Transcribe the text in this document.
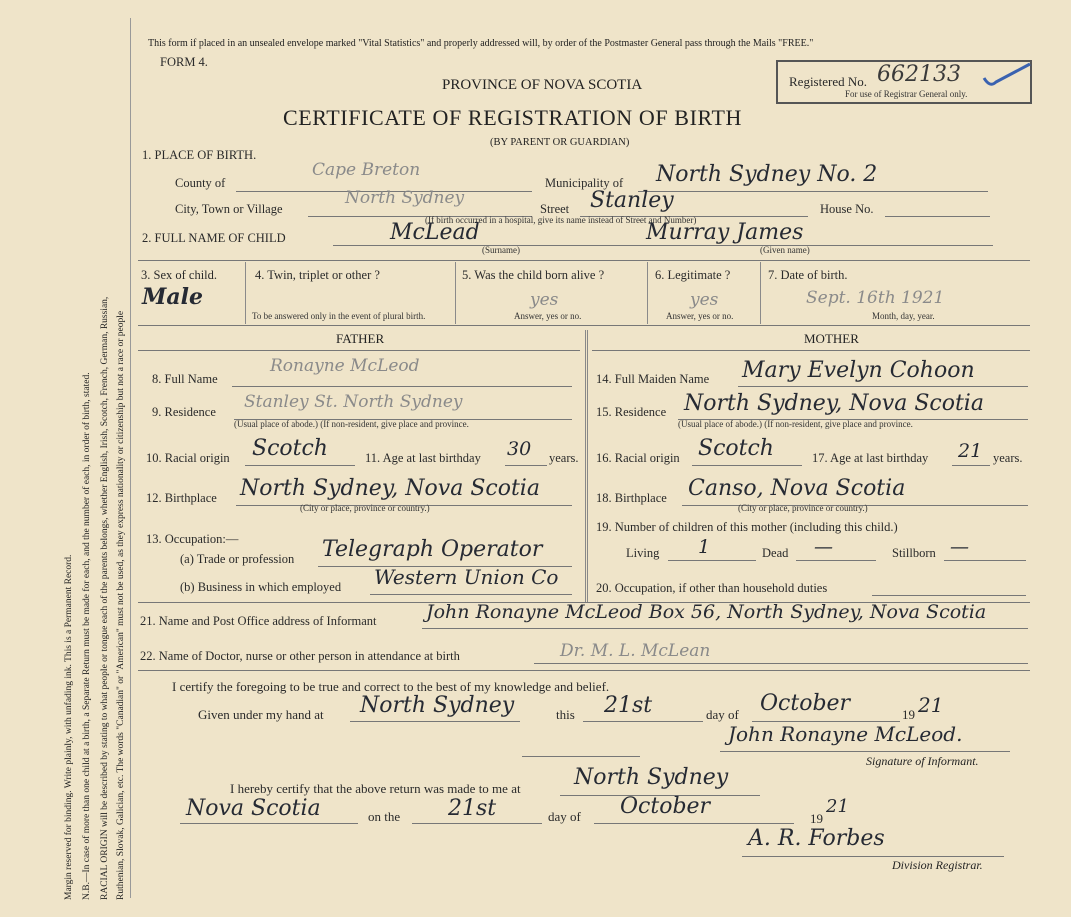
Margin reserved for binding. Write plainly, with unfading ink. This is a Permanent Record. N.B.—In case of more than one child at a birth, a Separate Return must be made for each, and the number of each, in order of birth, stated. RACIAL ORIGIN will be described by stating to what people or tongue each of the parents belongs, whether English, Irish, Scotch, French, German, Russian, Ruthenian, Slovak, Galician, etc. The words "Canadian" or "American" must not be used, as they express nationality or citizenship but not a race or people
This form if placed in an unsealed envelope marked "Vital Statistics" and properly addressed will, by order of the Postmaster General pass through the Mails "FREE."
FORM 4.
PROVINCE OF NOVA SCOTIA
CERTIFICATE OF REGISTRATION OF BIRTH
(BY PARENT OR GUARDIAN)
Registered No. 662133
For use of Registrar General only.
1. PLACE OF BIRTH.
County of
Cape Breton
Municipality of North Sydney No. 2
City, Town or Village
North Sydney
Street Stanley	House No.
(If birth occurred in a hospital, give its name instead of Street and Number)
2. FULL NAME OF CHILD	McLead
(Surname)
Murray James
(Given name)
3. Sex of child.
Male
4. Twin, triplet or other ?
To be answered only in the event of plural birth.
5. Was the child born alive ?
yes
Answer, yes or no.
6. Legitimate ?
yes
Answer, yes or no.
7. Date of birth.
Sept. 16th 1921
Month, day, year.
FATHER	MOTHER
8. Full Name
Ronayne McLeod
9. Residence Stanley St. North Sydney
(Usual place of abode.) (If non-resident, give place and province.
10. Racial origin Scotch	11. Age at last birthday 30 years.
12. Birthplace North Sydney, Nova Scotia
(City or place, province or country.)
13. Occupation:—
(a) Trade or profession Telegraph Operator
(b) Business in which employed Western Union Co
14. Full Maiden Name Mary Evelyn Cohoon
15. Residence North Sydney, Nova Scotia
(Usual place of abode.) (If non-resident, give place and province.
16. Racial origin Scotch	17. Age at last birthday 21 years.
18. Birthplace Canso, Nova Scotia
(City or place, province or country.)
19. Number of children of this mother (including this child.)
Living 1	Dead —	Stillborn —
20. Occupation, if other than household duties
21. Name and Post Office address of Informant	John Ronayne McLeod Box 56, North Sydney, Nova Scotia
22. Name of Doctor, nurse or other person in attendance at birth	Dr. M. L. McLean
I certify the foregoing to be true and correct to the best of my knowledge and belief.
Given under my hand at North Sydney	this 21st	day of October	19 21
John Ronayne McLeod.
Signature of Informant.
I hereby certify that the above return was made to me at North Sydney
Nova Scotia	on the 21st	day of October	19
21
A. R. Forbes
Division Registrar.
